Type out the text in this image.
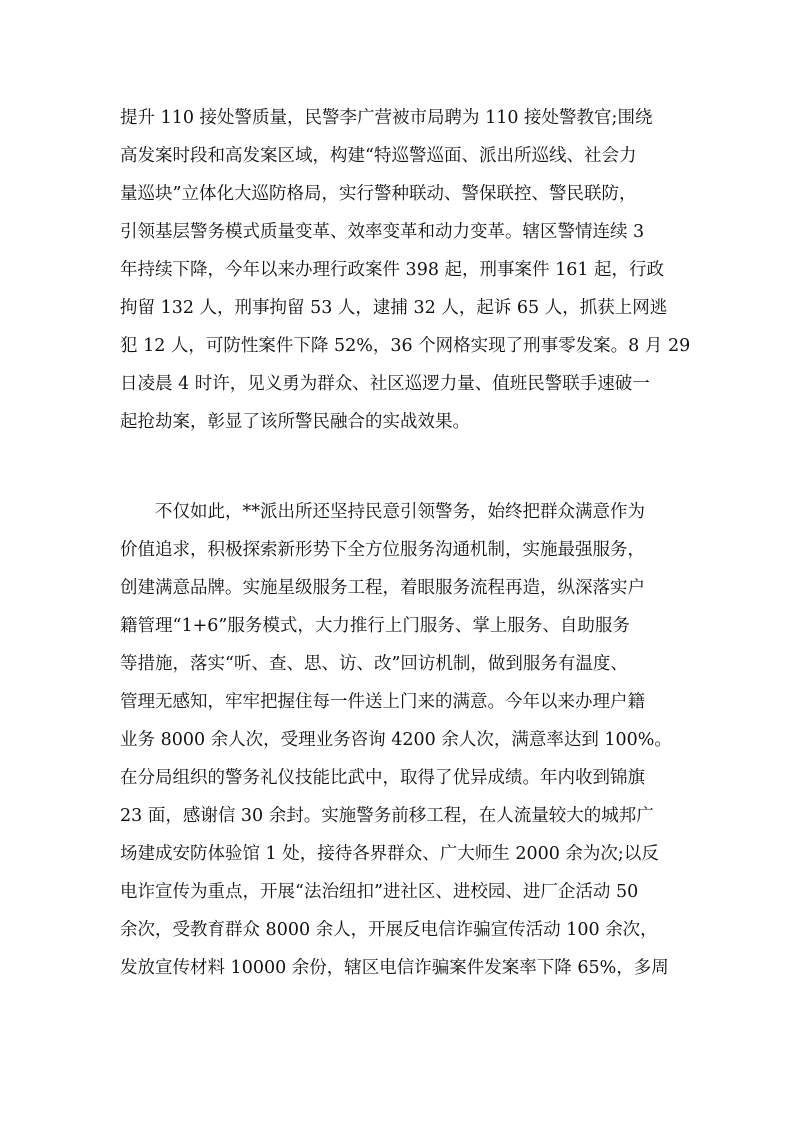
提升 110 接处警质量，民警李广营被市局聘为 110 接处警教官;围绕
高发案时段和高发案区域，构建“特巡警巡面、派出所巡线、社会力
量巡块”立体化大巡防格局，实行警种联动、警保联控、警民联防，
引领基层警务模式质量变革、效率变革和动力变革。辖区警情连续 3
年持续下降，今年以来办理行政案件 398 起，刑事案件 161 起，行政
拘留 132 人，刑事拘留 53 人，逮捕 32 人，起诉 65 人，抓获上网逃
犯 12 人，可防性案件下降 52%，36 个网格实现了刑事零发案。8 月 29
日凌晨 4 时许，见义勇为群众、社区巡逻力量、值班民警联手速破一
起抢劫案，彰显了该所警民融合的实战效果。
不仅如此，**派出所还坚持民意引领警务，始终把群众满意作为
价值追求，积极探索新形势下全方位服务沟通机制，实施最强服务，
创建满意品牌。实施星级服务工程，着眼服务流程再造，纵深落实户
籍管理“1+6”服务模式，大力推行上门服务、掌上服务、自助服务
等措施，落实“听、查、思、访、改”回访机制，做到服务有温度、
管理无感知，牢牢把握住每一件送上门来的满意。今年以来办理户籍
业务 8000 余人次，受理业务咨询 4200 余人次，满意率达到 100%。
在分局组织的警务礼仪技能比武中，取得了优异成绩。年内收到锦旗
23 面，感谢信 30 余封。实施警务前移工程，在人流量较大的城邦广
场建成安防体验馆 1 处，接待各界群众、广大师生 2000 余为次;以反
电诈宣传为重点，开展“法治纽扣”进社区、进校园、进厂企活动 50
余次，受教育群众 8000 余人，开展反电信诈骗宣传活动 100 余次，
发放宣传材料 10000 余份，辖区电信诈骗案件发案率下降 65%，多周
